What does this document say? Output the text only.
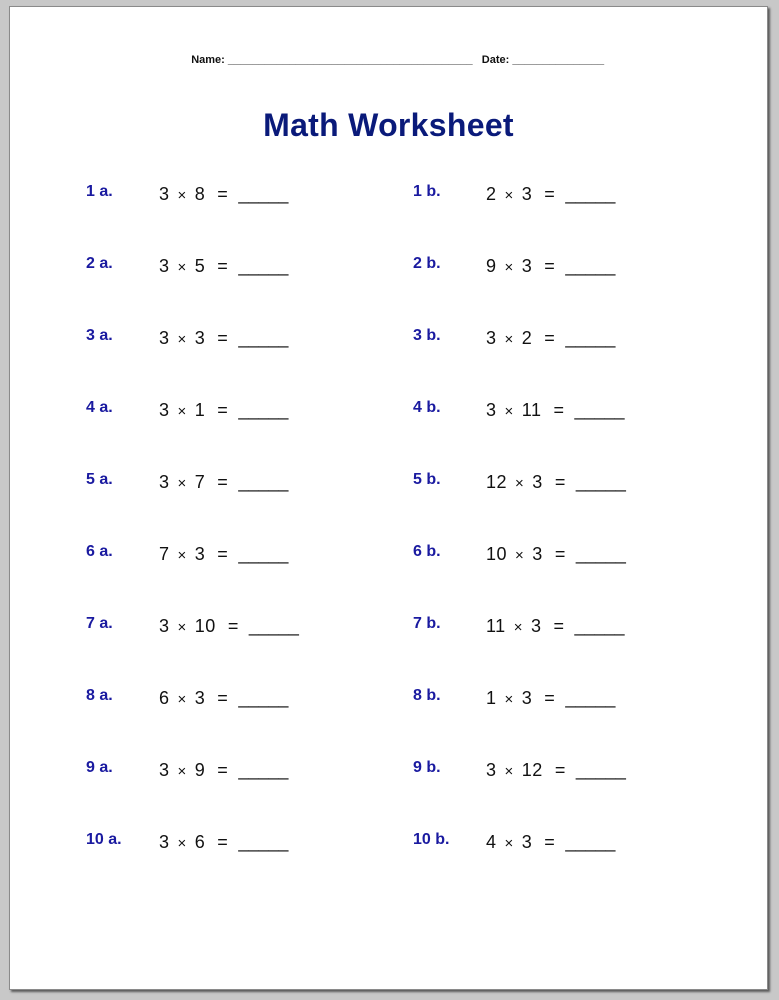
Name: ________________________________________ Date: _______________

Math Worksheet
1 a.	3 × 8 = _____
2 a.	3 × 5 = _____
3 a.	3 × 3 = _____
4 a.	3 × 1 = _____
5 a.	3 × 7 = _____
6 a.	7 × 3 = _____
7 a.	3 × 10 = _____
8 a.	6 × 3 = _____
9 a.	3 × 9 = _____
10 a. 3 × 6 = _____
1 b.	2 × 3 = _____
2 b.	9 × 3 = _____
3 b.	3 × 2 = _____
4 b.	3 × 11 = _____
5 b.	12 × 3 = _____
6 b.	10 × 3 = _____
7 b.	11 × 3 = _____
8 b.	1 × 3 = _____
9 b.	3 × 12 = _____
10 b. 4 × 3 = _____
